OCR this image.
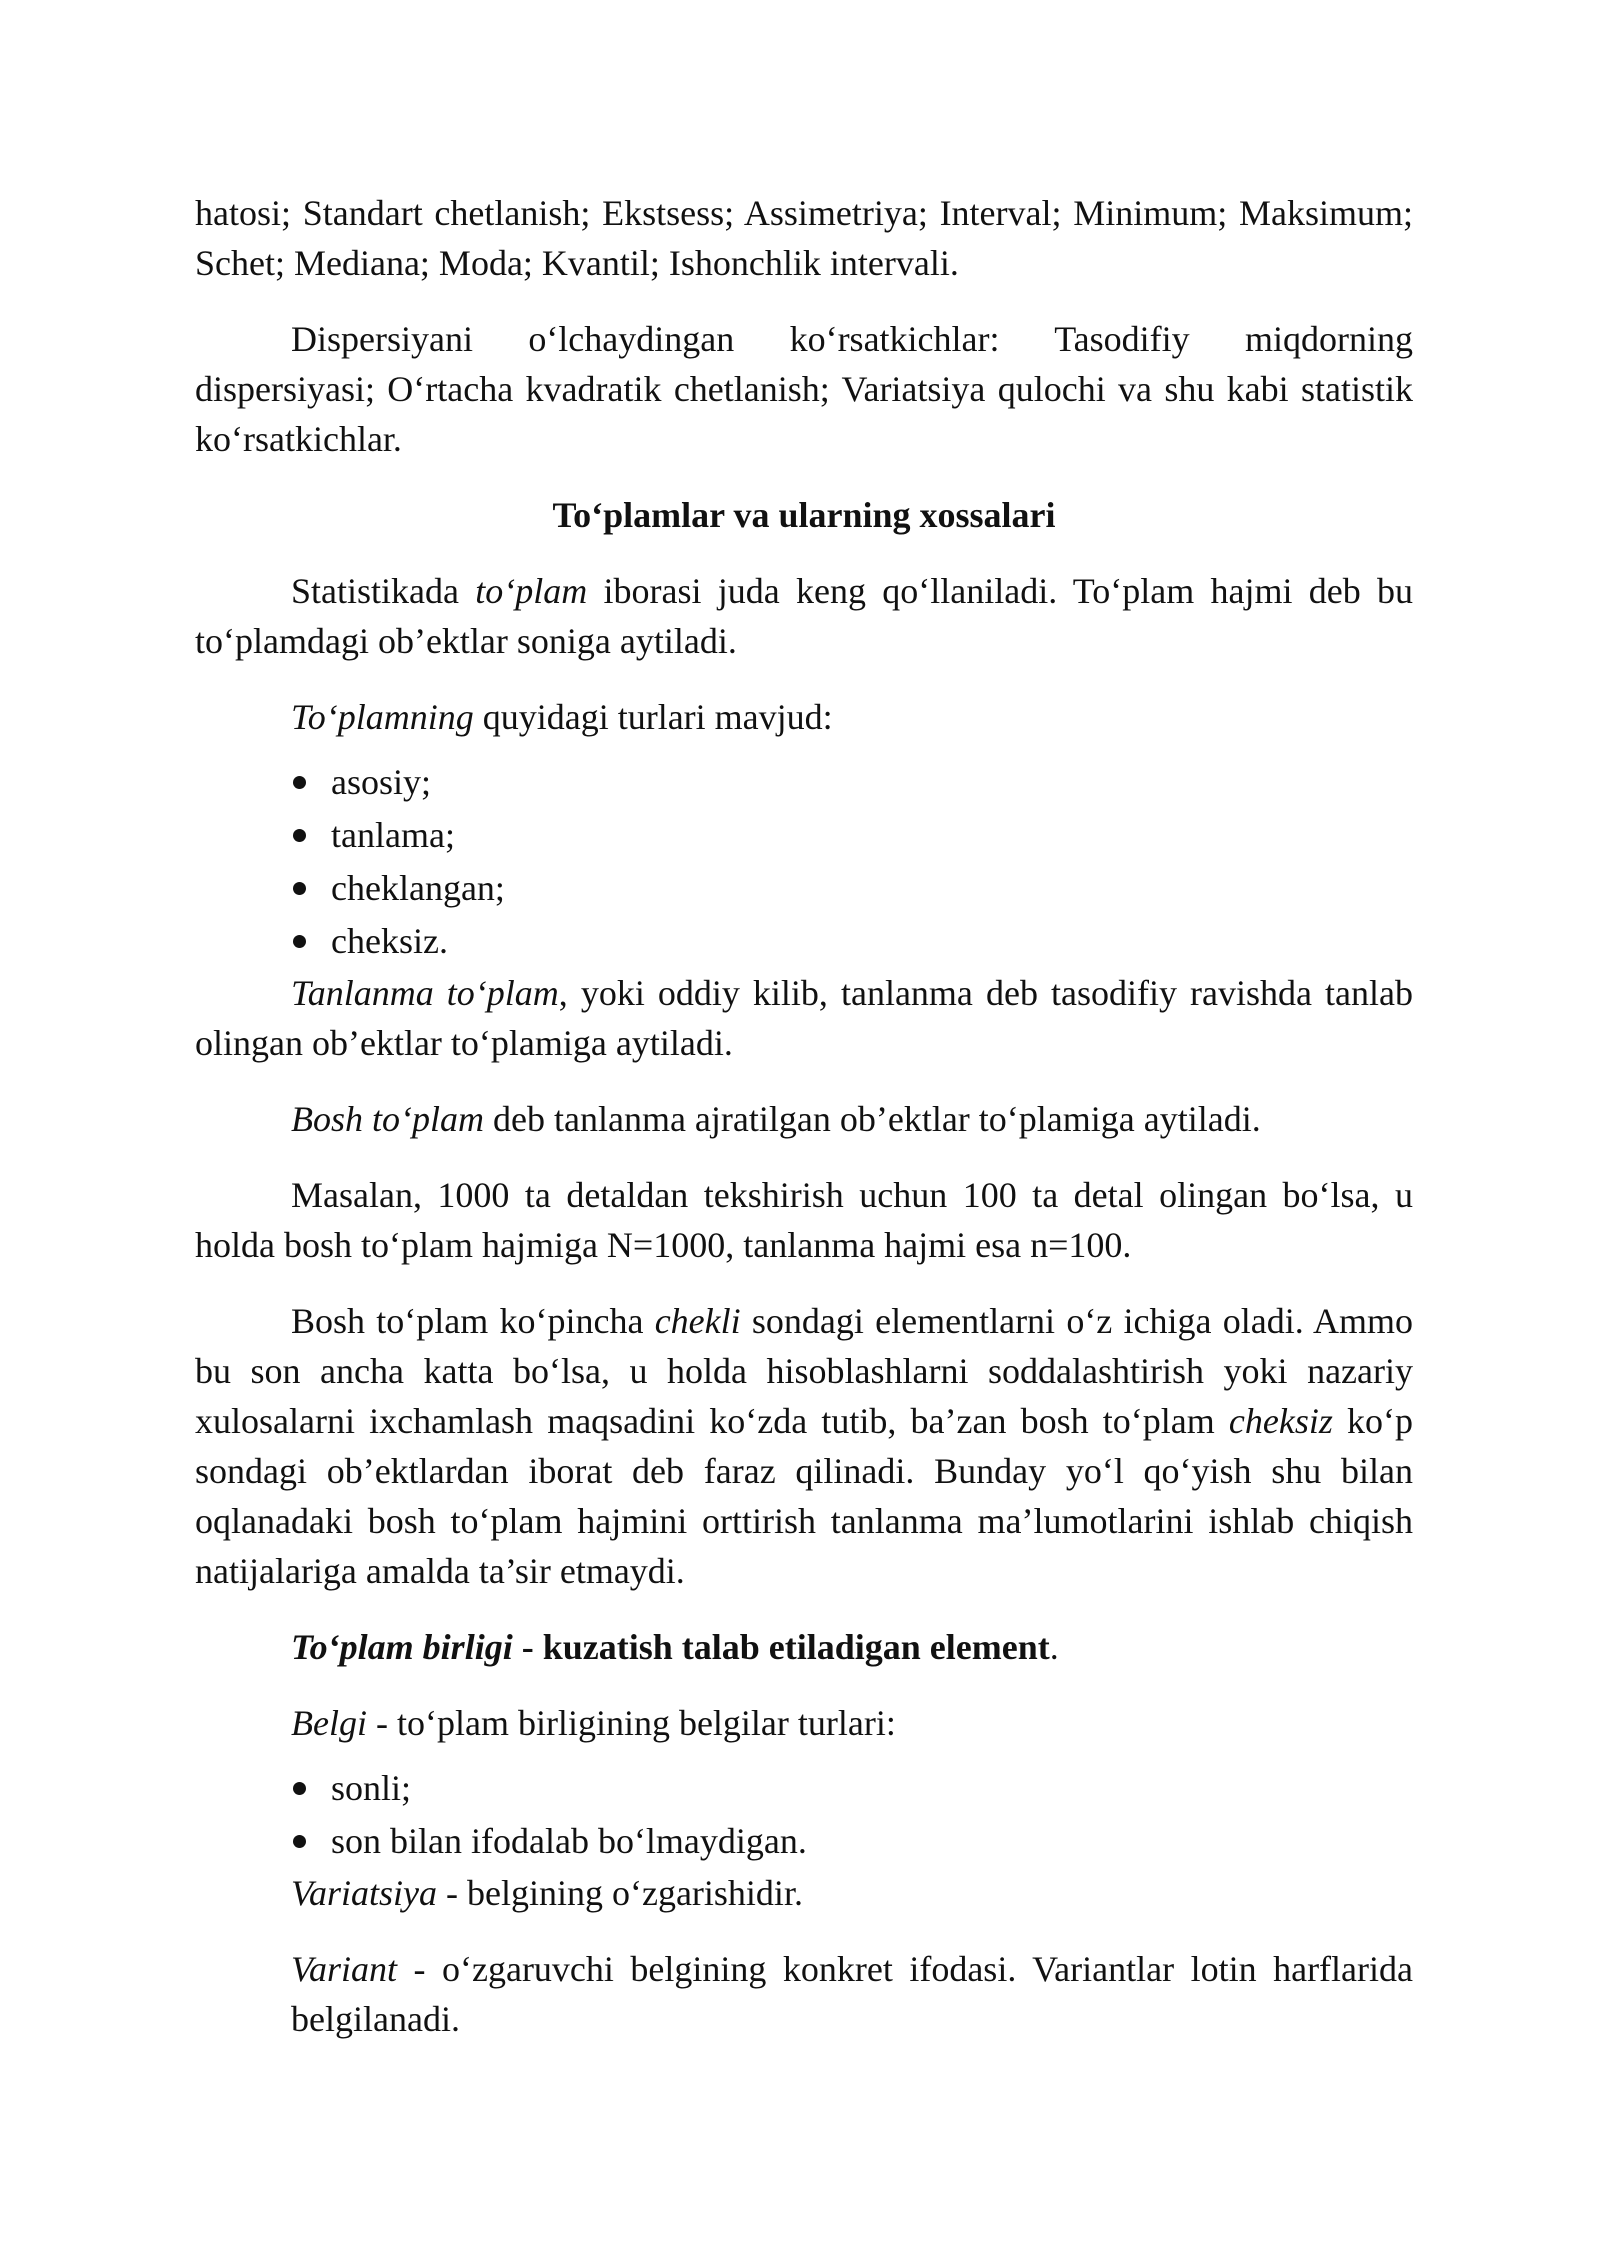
hatosi; Standart chetlanish; Ekstsess; Assimetriya; Interval; Minimum; Maksimum; Schet; Mediana; Moda; Kvantil; Ishonchlik intervali.

Dispersiyani o‘lchaydingan ko‘rsatkichlar: Tasodifiy miqdorning dispersiyasi; O‘rtacha kvadratik chetlanish; Variatsiya qulochi va shu kabi statistik ko‘rsatkichlar.

To‘plamlar va ularning xossalari

Statistikada to‘plam iborasi juda keng qo‘llaniladi. To‘plam hajmi deb bu to‘plamdagi ob’ektlar soniga aytiladi.

To‘plamning quyidagi turlari mavjud:

asosiy;
tanlama;
cheklangan;
cheksiz.

Tanlanma to‘plam, yoki oddiy kilib, tanlanma deb tasodifiy ravishda tanlab olingan ob’ektlar to‘plamiga aytiladi.

Bosh to‘plam deb tanlanma ajratilgan ob’ektlar to‘plamiga aytiladi.

Masalan, 1000 ta detaldan tekshirish uchun 100 ta detal olingan bo‘lsa, u holda bosh to‘plam hajmiga N=1000, tanlanma hajmi esa n=100.

Bosh to‘plam ko‘pincha chekli sondagi elementlarni o‘z ichiga oladi. Ammo bu son ancha katta bo‘lsa, u holda hisoblashlarni soddalashtirish yoki nazariy xulosalarni ixchamlash maqsadini ko‘zda tutib, ba’zan bosh to‘plam cheksiz ko‘p sondagi ob’ektlardan iborat deb faraz qilinadi. Bunday yo‘l qo‘yish shu bilan oqlanadaki bosh to‘plam hajmini orttirish tanlanma ma’lumotlarini ishlab chiqish natijalariga amalda ta’sir etmaydi.

To‘plam birligi - kuzatish talab etiladigan element.

Belgi - to‘plam birligining belgilar turlari:

sonli;
son bilan ifodalab bo‘lmaydigan.

Variatsiya - belgining o‘zgarishidir.

Variant - o‘zgaruvchi belgining konkret ifodasi. Variantlar lotin harflarida belgilanadi.
